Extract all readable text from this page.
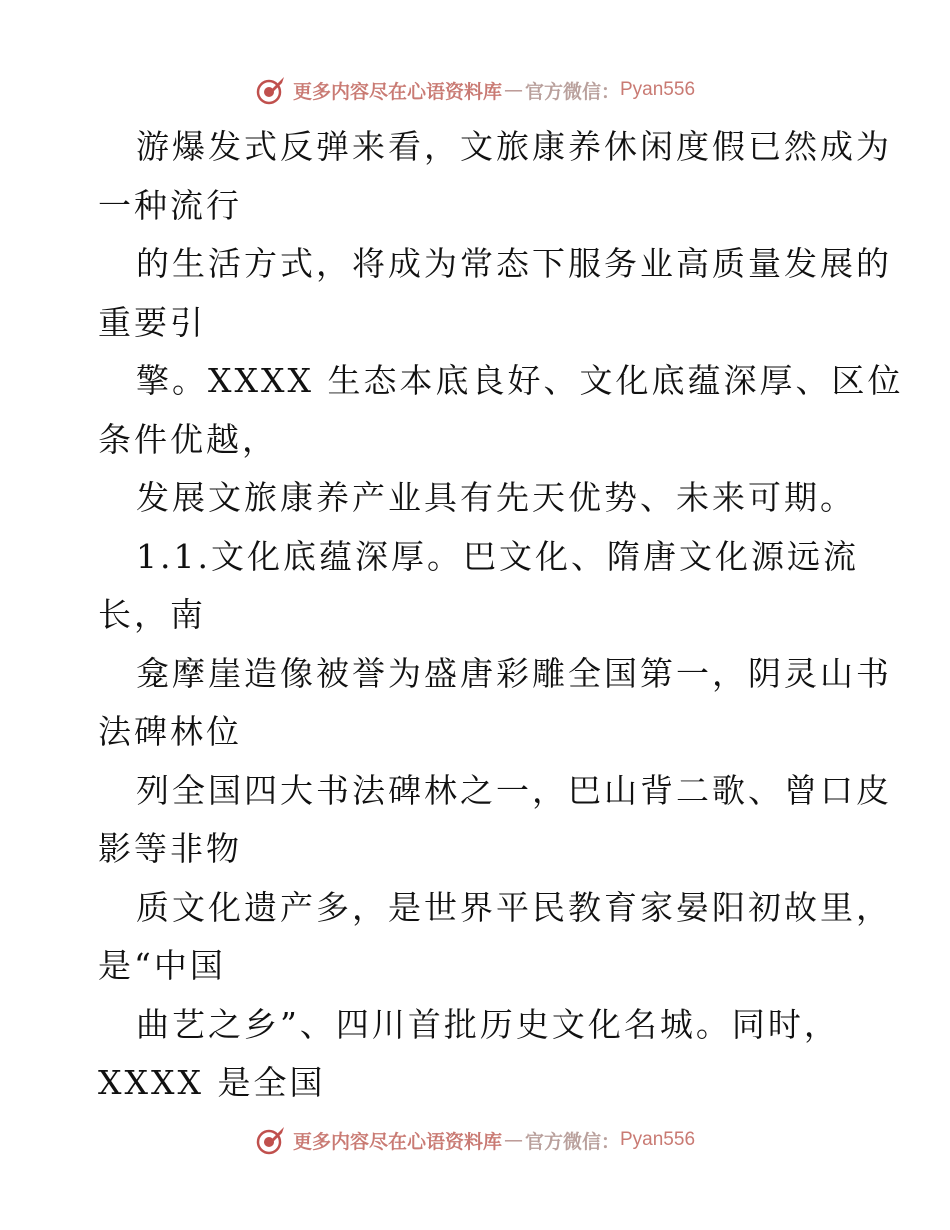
更多内容尽在心语资料库 — 官方微信： Pyan556
游爆发式反弹来看，文旅康养休闲度假已然成为
一种流行
的生活方式，将成为常态下服务业高质量发展的
重要引
擎。XXXX 生态本底良好、文化底蕴深厚、区位
条件优越，
发展文旅康养产业具有先天优势、未来可期。
1.1.文化底蕴深厚。巴文化、隋唐文化源远流
长，南
龛摩崖造像被誉为盛唐彩雕全国第一，阴灵山书
法碑林位
列全国四大书法碑林之一，巴山背二歌、曾口皮
影等非物
质文化遗产多，是世界平民教育家晏阳初故里，
是“中国
曲艺之乡”、四川首批历史文化名城。同时，
XXXX 是全国
更多内容尽在心语资料库 — 官方微信： Pyan556
